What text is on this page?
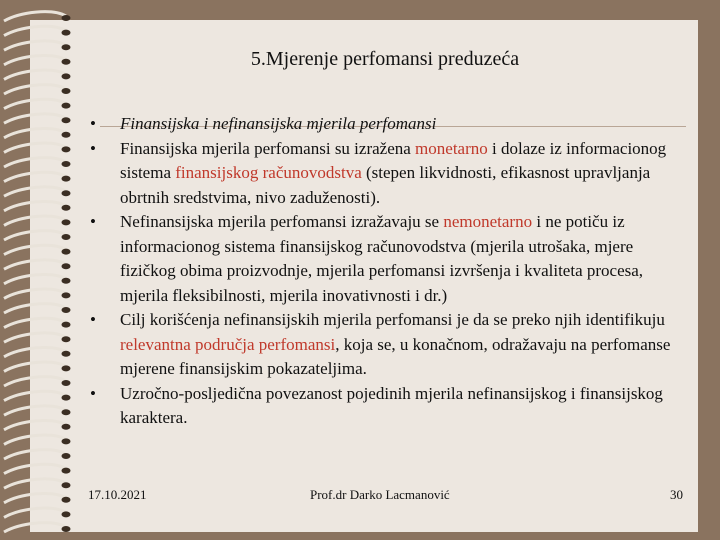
5.Mjerenje perfomansi preduzeća
• Finansijska i nefinansijska mjerila perfomansi
• Finansijska mjerila perfomansi su izražena monetarno i dolaze iz informacionog sistema finansijskog računovodstva (stepen likvidnosti, efikasnost upravljanja obrtnih sredstvima, nivo zaduženosti).
• Nefinansijska mjerila perfomansi izražavaju se nemonetarno i ne potiču iz informacionog sistema finansijskog računovodstva (mjerila utrošaka, mjere fizičkog obima proizvodnje, mjerila perfomansi izvršenja i kvaliteta procesa, mjerila fleksibilnosti, mjerila inovativnosti i dr.)
• Cilj korišćenja nefinansijskih mjerila perfomansi je da se preko njih identifikuju relevantna područja perfomansi, koja se, u konačnom, odražavaju na perfomanse mjerene finansijskim pokazateljima.
• Uzročno-posljedična povezanost pojedinih mjerila nefinansijskog i finansijskog karaktera.
17.10.2021	Prof.dr Darko Lacmanović	30
